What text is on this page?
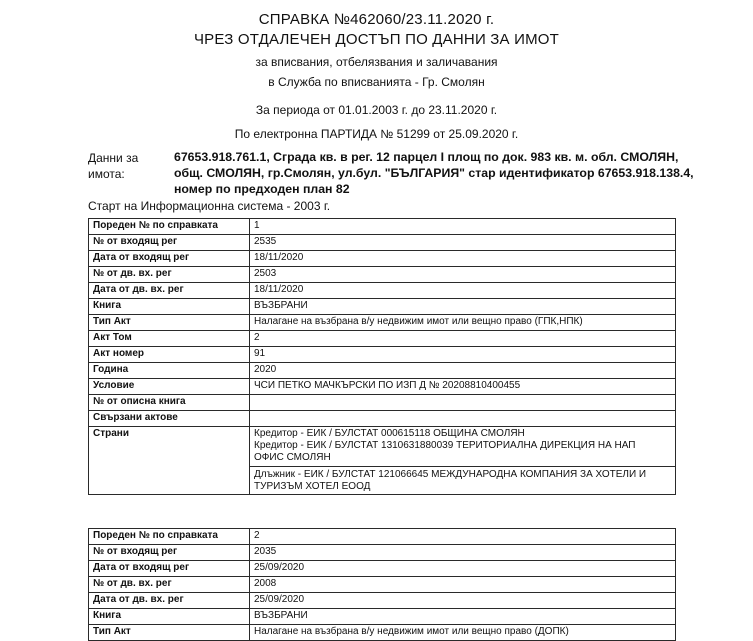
СПРАВКА №462060/23.11.2020 г.
ЧРЕЗ ОТДАЛЕЧЕН ДОСТЪП ПО ДАННИ ЗА ИМОТ
за вписвания, отбелязвания и заличавания
в Служба по вписванията - Гр. Смолян
За периода от 01.01.2003 г. до 23.11.2020 г.
По електронна ПАРТИДА № 51299 от 25.09.2020 г.
Данни за имота:
67653.918.761.1, Сграда кв. в рег. 12 парцел I площ по док. 983 кв. м. обл. СМОЛЯН, общ. СМОЛЯН, гр.Смолян, ул.бул. "БЪЛГАРИЯ" стар идентификатор 67653.918.138.4, номер по предходен план 82
Старт на Информационна система - 2003 г.
Пореден № по справката	1
№ от входящ рег	2535
Дата от входящ рег	18/11/2020
№ от дв. вх. рег	2503
Дата от дв. вх. рег	18/11/2020
Книга	ВЪЗБРАНИ
Тип Акт	Налагане на възбрана в/у недвижим имот или вещно право (ГПК,НПК)
Акт Том	2
Акт номер	91
Година	2020
Условие	ЧСИ ПЕТКО МАЧКЪРСКИ ПО ИЗП Д № 20208810400455
№ от описна книга	
Свързани актове	
Страни	Кредитор - ЕИК / БУЛСТАТ 000615118 ОБЩИНА СМОЛЯН
Кредитор - ЕИК / БУЛСТАТ 1310631880039 ТЕРИТОРИАЛНА ДИРЕКЦИЯ НА НАП
ОФИС СМОЛЯН
Длъжник - ЕИК / БУЛСТАТ 121066645 МЕЖДУНАРОДНА КОМПАНИЯ ЗА ХОТЕЛИ И
ТУРИЗЪМ ХОТЕЛ ЕООД
Пореден № по справката	2
№ от входящ рег	2035
Дата от входящ рег	25/09/2020
№ от дв. вх. рег	2008
Дата от дв. вх. рег	25/09/2020
Книга	ВЪЗБРАНИ
Тип Акт	Налагане на възбрана в/у недвижим имот или вещно право (ДОПК)
